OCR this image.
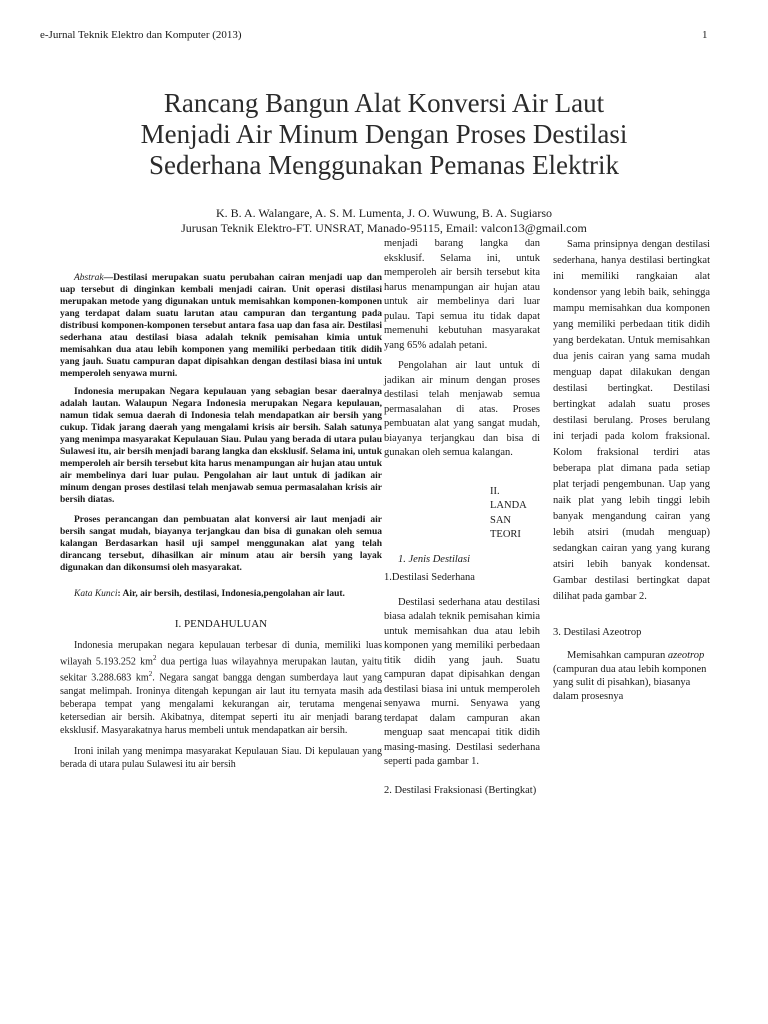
e-Jurnal Teknik Elektro dan Komputer (2013)	1
Rancang Bangun Alat Konversi Air Laut
Menjadi Air Minum Dengan Proses Destilasi
Sederhana Menggunakan Pemanas Elektrik
K. B. A. Walangare, A. S. M. Lumenta, J. O. Wuwung, B. A. Sugiarso
Jurusan Teknik Elektro-FT. UNSRAT, Manado-95115, Email: valcon13@gmail.com

Abstrak—Destilasi merupakan suatu perubahan cairan menjadi uap dan uap tersebut di dinginkan kembali menjadi cairan. Unit operasi distilasi merupakan metode yang digunakan untuk memisahkan komponen-komponen yang terdapat dalam suatu larutan atau campuran dan tergantung pada distribusi komponen-komponen tersebut antara fasa uap dan fasa air. Destilasi sederhana atau destilasi biasa adalah teknik pemisahan kimia untuk memisahkan dua atau lebih komponen yang memiliki perbedaan titik didih yang jauh. Suatu campuran dapat dipisahkan dengan destilasi biasa ini untuk memperoleh senyawa murni.

Indonesia merupakan Negara kepulauan yang sebagian besar daeralnya adalah lautan. Walaupun Negara Indonesia merupakan Negara kepulauan, namun tidak semua daerah di Indonesia telah mendapatkan air bersih yang cukup. Tidak jarang daerah yang mengalami krisis air bersih. Salah satunya yang menimpa masyarakat Kepulauan Siau. Pulau yang berada di utara pulau Sulawesi itu, air bersih menjadi barang langka dan eksklusif. Selama ini, untuk memperoleh air bersih tersebut kita harus menampungan air hujan atau untuk air membelinya dari luar pulau. Pengolahan air laut untuk di jadikan air minum dengan proses destilasi telah menjawab semua permasalahan krisis air bersih diatas.

Proses perancangan dan pembuatan alat konversi air laut menjadi air bersih sangat mudah, biayanya terjangkau dan bisa di gunakan oleh semua kalangan Berdasarkan hasil uji sampel menggunakan alat yang telah dirancang tersebut, dihasilkan air minum atau air bersih yang layak digunakan dan dikonsumsi oleh masyarakat.

Kata Kunci: Air, air bersih, destilasi, Indonesia,pengolahan air laut.

I. PENDAHULUAN

Indonesia merupakan negara kepulauan terbesar di dunia, memiliki luas wilayah 5.193.252 $km^2$ dua pertiga luas wilayahnya merupakan lautan, yaitu sekitar 3.288.683 $km^2$. Negara sangat bangga dengan sumberdaya laut yang sangat melimpah. Ironinya ditengah kepungan air laut itu ternyata masih ada beberapa tempat yang mengalami kekurangan air, terutama mengenai ketersedian air bersih. Akibatnya, ditempat seperti itu air menjadi barang eksklusif. Masyarakatnya harus membeli untuk mendapatkan air bersih.

Ironi inilah yang menimpa masyarakat Kepulauan Siau. Di kepulauan yang berada di utara pulau Sulawesi itu air bersih

menjadi barang langka dan eksklusif. Selama ini, untuk memperoleh air bersih tersebut kita harus menampungan air hujan atau untuk air membelinya dari luar pulau. Tapi semua itu tidak dapat memenuhi kebutuhan masyarakat yang 65% adalah petani.

Pengolahan air laut untuk di jadikan air minum dengan proses destilasi telah menjawab semua permasalahan di atas. Proses pembuatan alat yang sangat mudah, biayanya terjangkau dan bisa di gunakan oleh semua kalangan.

II.
LANDA
SAN
TEORI

1. Jenis Destilasi

1.Destilasi Sederhana

Destilasi sederhana atau destilasi biasa adalah teknik pemisahan kimia untuk memisahkan dua atau lebih komponen yang memiliki perbedaan titik didih yang jauh. Suatu campuran dapat dipisahkan dengan destilasi biasa ini untuk memperoleh senyawa murni. Senyawa yang terdapat dalam campuran akan menguap saat mencapai titik didih masing-masing. Destilasi sederhana seperti pada gambar 1.

2. Destilasi Fraksionasi (Bertingkat)

Sama prinsipnya dengan destilasi sederhana, hanya destilasi bertingkat ini memiliki rangkaian alat kondensor yang lebih baik, sehingga mampu memisahkan dua komponen yang memiliki perbedaan titik didih yang berdekatan. Untuk memisahkan dua jenis cairan yang sama mudah menguap dapat dilakukan dengan destilasi bertingkat. Destilasi bertingkat adalah suatu proses destilasi berulang. Proses berulang ini terjadi pada kolom fraksional. Kolom fraksional terdiri atas beberapa plat dimana pada setiap plat terjadi pengembunan. Uap yang naik plat yang lebih tinggi lebih banyak mengandung cairan yang lebih atsiri (mudah menguap) sedangkan cairan yang yang kurang atsiri lebih banyak kondensat. Gambar destilasi bertingkat dapat dilihat pada gambar 2.

3. Destilasi Azeotrop

Memisahkan campuran azeotrop (campuran dua atau lebih komponen yang sulit di pisahkan), biasanya dalam prosesnya
